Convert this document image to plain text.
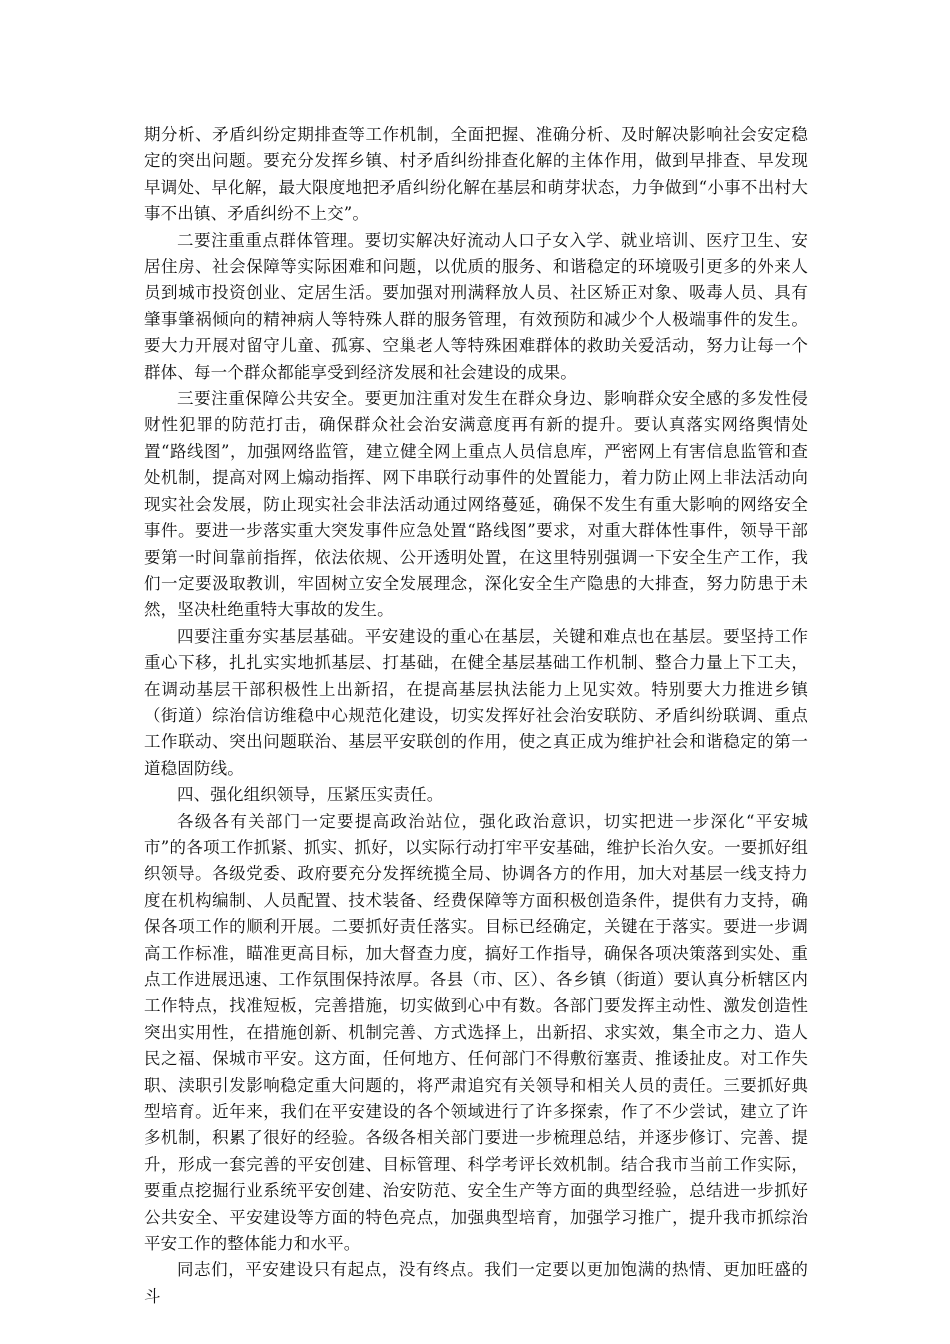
期分析、矛盾纠纷定期排查等工作机制，全面把握、准确分析、及时解决影响社会安定稳定的突出问题。要充分发挥乡镇、村矛盾纠纷排查化解的主体作用，做到早排查、早发现早调处、早化解，最大限度地把矛盾纠纷化解在基层和萌芽状态，力争做到“小事不出村大事不出镇、矛盾纠纷不上交”。

二要注重重点群体管理。要切实解决好流动人口子女入学、就业培训、医疗卫生、安居住房、社会保障等实际困难和问题，以优质的服务、和谐稳定的环境吸引更多的外来人员到城市投资创业、定居生活。要加强对刑满释放人员、社区矫正对象、吸毒人员、具有肇事肇祸倾向的精神病人等特殊人群的服务管理，有效预防和减少个人极端事件的发生。要大力开展对留守儿童、孤寡、空巢老人等特殊困难群体的救助关爱活动，努力让每一个群体、每一个群众都能享受到经济发展和社会建设的成果。

三要注重保障公共安全。要更加注重对发生在群众身边、影响群众安全感的多发性侵财性犯罪的防范打击，确保群众社会治安满意度再有新的提升。要认真落实网络舆情处置“路线图”，加强网络监管，建立健全网上重点人员信息库，严密网上有害信息监管和查处机制，提高对网上煽动指挥、网下串联行动事件的处置能力，着力防止网上非法活动向现实社会发展，防止现实社会非法活动通过网络蔓延，确保不发生有重大影响的网络安全事件。要进一步落实重大突发事件应急处置“路线图”要求，对重大群体性事件，领导干部要第一时间靠前指挥，依法依规、公开透明处置，在这里特别强调一下安全生产工作，我们一定要汲取教训，牢固树立安全发展理念，深化安全生产隐患的大排查，努力防患于未然，坚决杜绝重特大事故的发生。

四要注重夯实基层基础。平安建设的重心在基层，关键和难点也在基层。要坚持工作重心下移，扎扎实实地抓基层、打基础，在健全基层基础工作机制、整合力量上下工夫，在调动基层干部积极性上出新招，在提高基层执法能力上见实效。特别要大力推进乡镇（街道）综治信访维稳中心规范化建设，切实发挥好社会治安联防、矛盾纠纷联调、重点工作联动、突出问题联治、基层平安联创的作用，使之真正成为维护社会和谐稳定的第一道稳固防线。

四、强化组织领导，压紧压实责任。

各级各有关部门一定要提高政治站位，强化政治意识，切实把进一步深化“平安城市”的各项工作抓紧、抓实、抓好，以实际行动打牢平安基础，维护长治久安。一要抓好组织领导。各级党委、政府要充分发挥统揽全局、协调各方的作用，加大对基层一线支持力度在机构编制、人员配置、技术装备、经费保障等方面积极创造条件，提供有力支持，确保各项工作的顺利开展。二要抓好责任落实。目标已经确定，关键在于落实。要进一步调高工作标准，瞄准更高目标，加大督查力度，搞好工作指导，确保各项决策落到实处、重点工作进展迅速、工作氛围保持浓厚。各县（市、区）、各乡镇（街道）要认真分析辖区内工作特点，找准短板，完善措施，切实做到心中有数。各部门要发挥主动性、激发创造性突出实用性，在措施创新、机制完善、方式选择上，出新招、求实效，集全市之力、造人民之福、保城市平安。这方面，任何地方、任何部门不得敷衍塞责、推诿扯皮。对工作失职、渎职引发影响稳定重大问题的，将严肃追究有关领导和相关人员的责任。三要抓好典型培育。近年来，我们在平安建设的各个领域进行了许多探索，作了不少尝试，建立了许多机制，积累了很好的经验。各级各相关部门要进一步梳理总结，并逐步修订、完善、提升，形成一套完善的平安创建、目标管理、科学考评长效机制。结合我市当前工作实际，要重点挖掘行业系统平安创建、治安防范、安全生产等方面的典型经验，总结进一步抓好公共安全、平安建设等方面的特色亮点，加强典型培育，加强学习推广，提升我市抓综治平安工作的整体能力和水平。

同志们，平安建设只有起点，没有终点。我们一定要以更加饱满的热情、更加旺盛的斗
